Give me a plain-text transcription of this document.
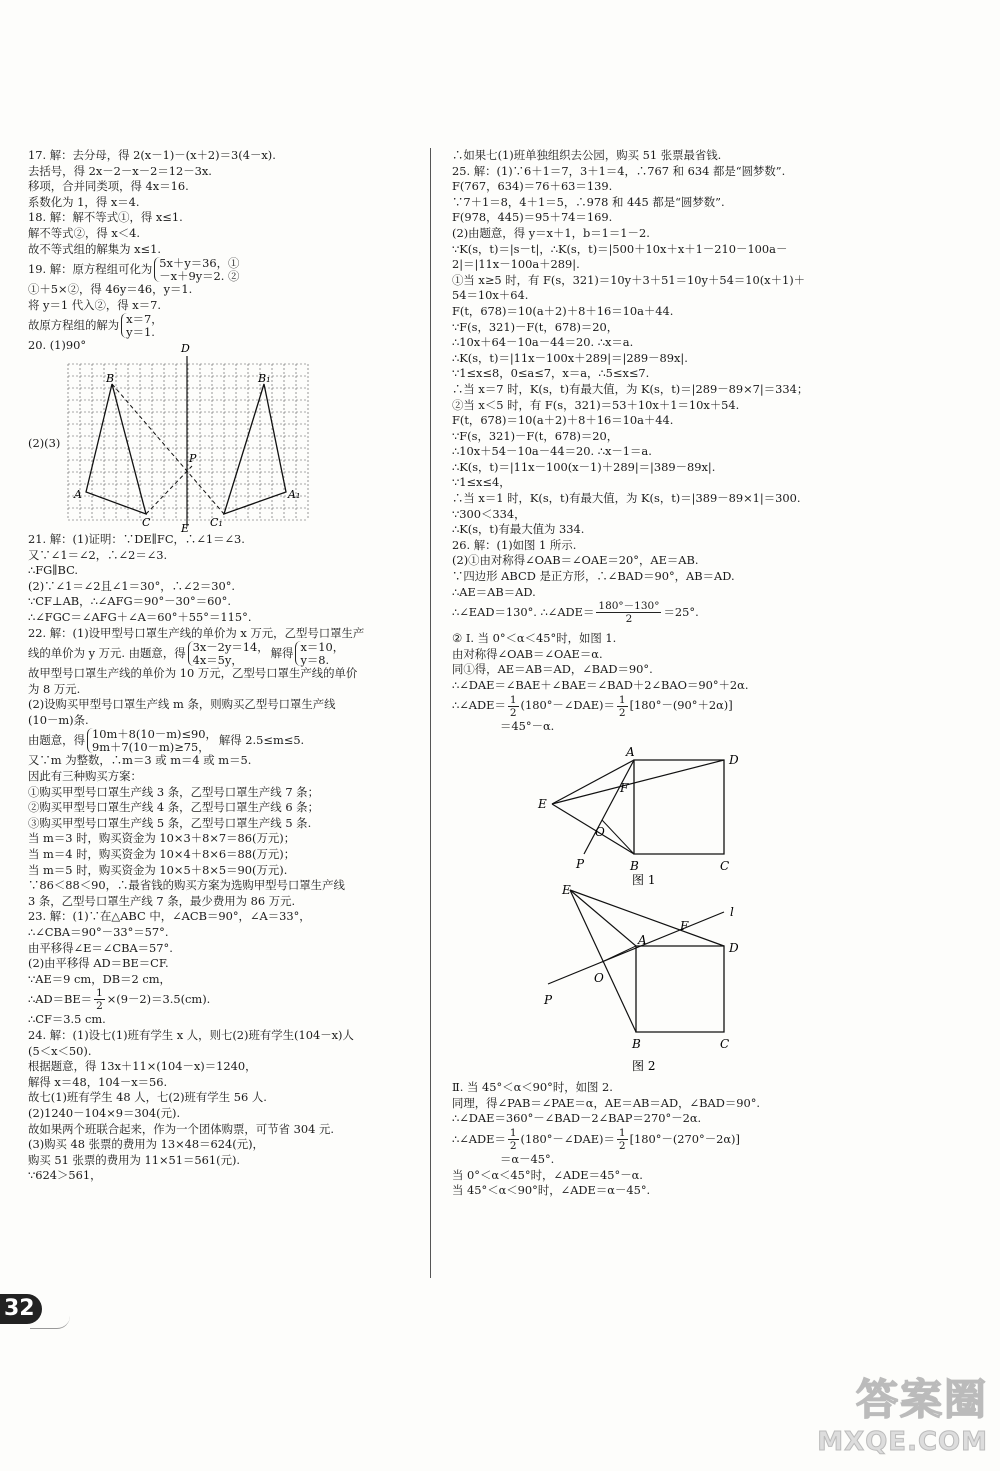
17. 解：去分母，得 2(x－1)－(x＋2)＝3(4－x).
去括号，得 2x－2－x－2＝12－3x.
移项，合并同类项，得 4x＝16.
系数化为 1，得 x＝4.
18. 解：解不等式①，得 x≤1.
解不等式②，得 x＜4.
故不等式组的解集为 x≤1.
19. 解：原方程组可化为 5x＋y＝36，①
－x＋9y＝2. ②
①＋5×②，得 46y＝46，y＝1.
将 y＝1 代入②，得 x＝7.
故原方程组的解为 x＝7，
y＝1.
20. (1)90°
(2)(3)
D
E
B	B₁
A	A₁
C	C₁
P
21. 解：(1)证明：∵DE∥FC，∴∠1＝∠3.
又∵∠1＝∠2，∴∠2＝∠3.
∴FG∥BC.
(2)∵∠1＝∠2且∠1＝30°，∴∠2＝30°.
∵CF⊥AB，∴∠AFG＝90°－30°＝60°.
∴∠FGC＝∠AFG＋∠A＝60°＋55°＝115°.
22. 解：(1)设甲型号口罩生产线的单价为 x 万元，乙型号口罩生产
线的单价为 y 万元. 由题意，得 3x－2y＝14，
4x＝5y，	解得 x＝10，
y＝8.
故甲型号口罩生产线的单价为 10 万元，乙型号口罩生产线的单价
为 8 万元.
(2)设购买甲型号口罩生产线 m 条，则购买乙型号口罩生产线
(10－m)条.
由题意，得 10m＋8(10－m)≤90，
9m＋7(10－m)≥75， 解得 2.5≤m≤5.
又∵m 为整数，∴m＝3 或 m＝4 或 m＝5.
因此有三种购买方案：
①购买甲型号口罩生产线 3 条，乙型号口罩生产线 7 条；
②购买甲型号口罩生产线 4 条，乙型号口罩生产线 6 条；
③购买甲型号口罩生产线 5 条，乙型号口罩生产线 5 条.
当 m＝3 时，购买资金为 10×3＋8×7＝86(万元)；
当 m＝4 时，购买资金为 10×4＋8×6＝88(万元)；
当 m＝5 时，购买资金为 10×5＋8×5＝90(万元).
∵86＜88＜90，∴最省钱的购买方案为选购甲型号口罩生产线
3 条，乙型号口罩生产线 7 条，最少费用为 86 万元.
23. 解：(1)∵在△ABC 中，∠ACB＝90°，∠A＝33°，
∴∠CBA＝90°－33°＝57°.
由平移得∠E＝∠CBA＝57°.
(2)由平移得 AD＝BE＝CF.
∵AE＝9 cm，DB＝2 cm，
∴AD＝BE＝ $\frac{1}{2} \times(9-2)=3.5(cm)$.
∴CF＝3.5 cm.
24. 解：(1)设七(1)班有学生 x 人，则七(2)班有学生(104－x)人
(5＜x＜50).
根据题意，得 13x＋11×(104－x)＝1240，
解得 x＝48，104－x＝56.
故七(1)班有学生 48 人，七(2)班有学生 56 人.
(2)1240－104×9＝304(元).
故如果两个班联合起来，作为一个团体购票，可节省 304 元.
(3)购买 48 张票的费用为 13×48＝624(元)，
购买 51 张票的费用为 11×51＝561(元).
∵624＞561，
∴如果七(1)班单独组织去公园，购买 51 张票最省钱.
25. 解：(1)∵6＋1＝7，3＋1＝4，∴767 和 634 都是“圆梦数”.
F(767，634)＝76＋63＝139.
∵7＋1＝8，4＋1＝5，∴978 和 445 都是“圆梦数”.
F(978，445)＝95＋74＝169.
(2)由题意，得 y＝x＋1，b＝1＝1－2.
∵K(s，t)＝|s－t|，∴K(s，t)＝|500＋10x＋x＋1－210－100a－
2|＝|11x－100a＋289|.
①当 x≥5 时，有 F(s，321)＝10y＋3＋51＝10y＋54＝10(x＋1)＋
54＝10x＋64.
F(t，678)＝10(a＋2)＋8＋16＝10a＋44.
∵F(s，321)－F(t，678)＝20，
∴10x＋64－10a－44＝20. ∴x＝a.
∴K(s，t)＝|11x－100x＋289|＝|289－89x|.
∵1≤x≤8，0≤a≤7，x＝a，∴5≤x≤7.
∴当 x＝7 时，K(s，t)有最大值，为 K(s，t)＝|289－89×7|＝334；
②当 x＜5 时，有 F(s，321)＝53＋10x＋1＝10x＋54.
F(t，678)＝10(a＋2)＋8＋16＝10a＋44.
∵F(s，321)－F(t，678)＝20，
∴10x＋54－10a－44＝20. ∴x－1＝a.
∴K(s，t)＝|11x－100(x－1)＋289|＝|389－89x|.
∵1≤x≤4，
∴当 x＝1 时，K(s，t)有最大值，为 K(s，t)＝|389－89×1|＝300.
∵300＜334，
∴K(s，t)有最大值为 334.
26. 解：(1)如图 1 所示.
(2)①由对称得∠OAB＝∠OAE＝20°，AE＝AB.
∵四边形 ABCD 是正方形，∴∠BAD＝90°，AB＝AD.
∴AE＝AB＝AD.
∴∠EAD＝130°. ∴∠ADE＝ $\frac{180^\circ-130^\circ}{2} =25^\circ$.
② Ⅰ. 当 0°＜α＜45°时，如图 1.
由对称得∠OAB＝∠OAE＝α.
同①得，AE＝AB＝AD，∠BAD＝90°.
∴∠DAE＝∠BAE＋∠BAE＝∠BAD＋2∠BAO＝90°＋2α.
∴∠ADE＝ $\frac{1}{2}$ (180°－∠DAE)＝ $\frac{1}{2} [180^\circ-(90^\circ+2\alpha)]$
＝45°－α.
A
D
B	C
E
F
O
P
图 1
E
l
F
A
D
O
P
B	C
图 2
Ⅱ. 当 45°＜α＜90°时，如图 2.
同理，得∠PAB＝∠PAE＝α，AE＝AB＝AD，∠BAD＝90°.
∴∠DAE＝360°－∠BAD－2∠BAP＝270°－2α.
∴∠ADE＝ $\frac{1}{2}$ (180°－∠DAE)＝ $\frac{1}{2} [180^\circ-(270^\circ-2\alpha)]$
＝α－45°.
当 0°＜α＜45°时，∠ADE＝45°－α.
当 45°＜α＜90°时，∠ADE＝α－45°.
32
答案圈
MXQE.COM
